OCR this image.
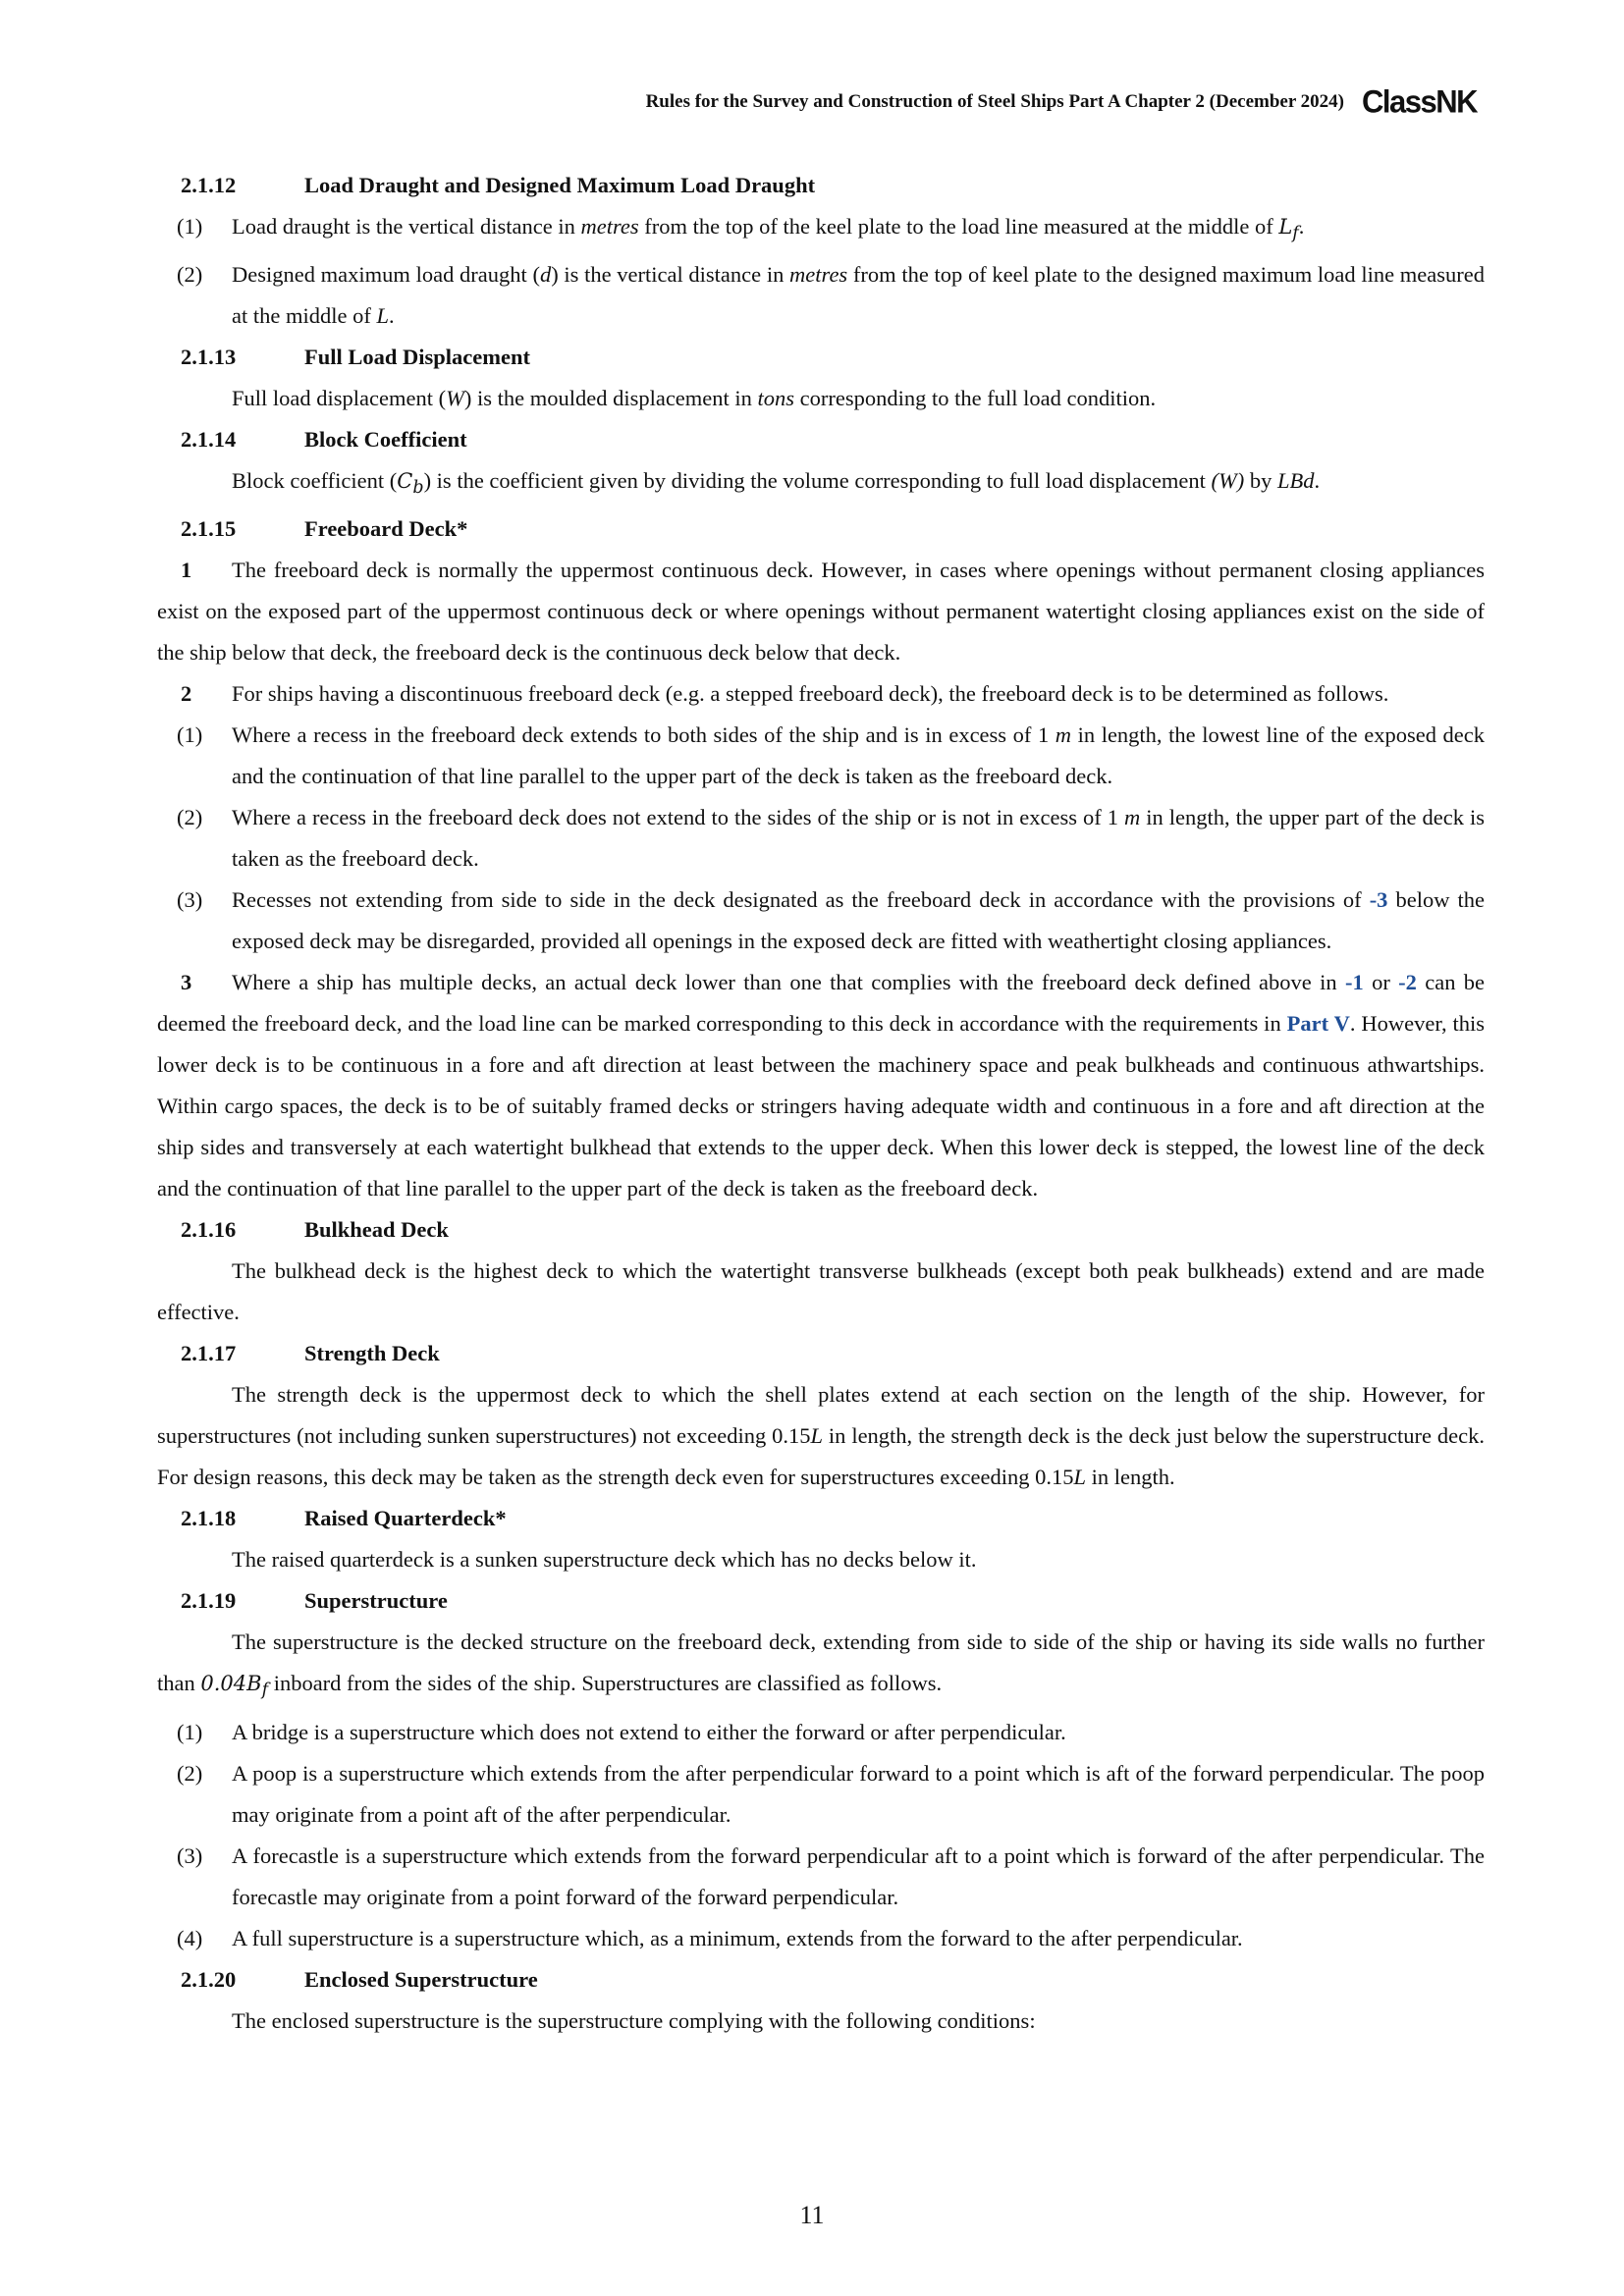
Rules for the Survey and Construction of Steel Ships Part A Chapter 2 (December 2024) ClassNK
2.1.12	Load Draught and Designed Maximum Load Draught
(1)	Load draught is the vertical distance in metres from the top of the keel plate to the load line measured at the middle of $L_f$.
(2)	Designed maximum load draught (d) is the vertical distance in metres from the top of keel plate to the designed maximum load line measured at the middle of L.
2.1.13	Full Load Displacement

Full load displacement (W) is the moulded displacement in tons corresponding to the full load condition.

2.1.14	Block Coefficient

Block coefficient $(C_b)$ is the coefficient given by dividing the volume corresponding to full load displacement (W) by LBd.

2.1.15	Freeboard Deck*

1 The freeboard deck is normally the uppermost continuous deck. However, in cases where openings without permanent closing appliances exist on the exposed part of the uppermost continuous deck or where openings without permanent watertight closing appliances exist on the side of the ship below that deck, the freeboard deck is the continuous deck below that deck.

2 For ships having a discontinuous freeboard deck (e.g. a stepped freeboard deck), the freeboard deck is to be determined as follows.

(1)	Where a recess in the freeboard deck extends to both sides of the ship and is in excess of 1 m in length, the lowest line of the exposed deck and the continuation of that line parallel to the upper part of the deck is taken as the freeboard deck.
(2)	Where a recess in the freeboard deck does not extend to the sides of the ship or is not in excess of 1 m in length, the upper part of the deck is taken as the freeboard deck.
(3)	Recesses not extending from side to side in the deck designated as the freeboard deck in accordance with the provisions of -3 below the exposed deck may be disregarded, provided all openings in the exposed deck are fitted with weathertight closing appliances.

3 Where a ship has multiple decks, an actual deck lower than one that complies with the freeboard deck defined above in -1 or -2 can be deemed the freeboard deck, and the load line can be marked corresponding to this deck in accordance with the requirements in Part V. However, this lower deck is to be continuous in a fore and aft direction at least between the machinery space and peak bulkheads and continuous athwartships. Within cargo spaces, the deck is to be of suitably framed decks or stringers having adequate width and continuous in a fore and aft direction at the ship sides and transversely at each watertight bulkhead that extends to the upper deck. When this lower deck is stepped, the lowest line of the deck and the continuation of that line parallel to the upper part of the deck is taken as the freeboard deck.

2.1.16	Bulkhead Deck

The bulkhead deck is the highest deck to which the watertight transverse bulkheads (except both peak bulkheads) extend and are made effective.

2.1.17	Strength Deck

The strength deck is the uppermost deck to which the shell plates extend at each section on the length of the ship. However, for superstructures (not including sunken superstructures) not exceeding 0.15L in length, the strength deck is the deck just below the superstructure deck. For design reasons, this deck may be taken as the strength deck even for superstructures exceeding 0.15L in length.

2.1.18	Raised Quarterdeck*

The raised quarterdeck is a sunken superstructure deck which has no decks below it.

2.1.19	Superstructure

The superstructure is the decked structure on the freeboard deck, extending from side to side of the ship or having its side walls no further than $0.04B_f$ inboard from the sides of the ship. Superstructures are classified as follows.

(1)	A bridge is a superstructure which does not extend to either the forward or after perpendicular.
(2)	A poop is a superstructure which extends from the after perpendicular forward to a point which is aft of the forward perpendicular. The poop may originate from a point aft of the after perpendicular.
(3)	A forecastle is a superstructure which extends from the forward perpendicular aft to a point which is forward of the after perpendicular. The forecastle may originate from a point forward of the forward perpendicular.
(4)	A full superstructure is a superstructure which, as a minimum, extends from the forward to the after perpendicular.
2.1.20	Enclosed Superstructure

The enclosed superstructure is the superstructure complying with the following conditions:

11
